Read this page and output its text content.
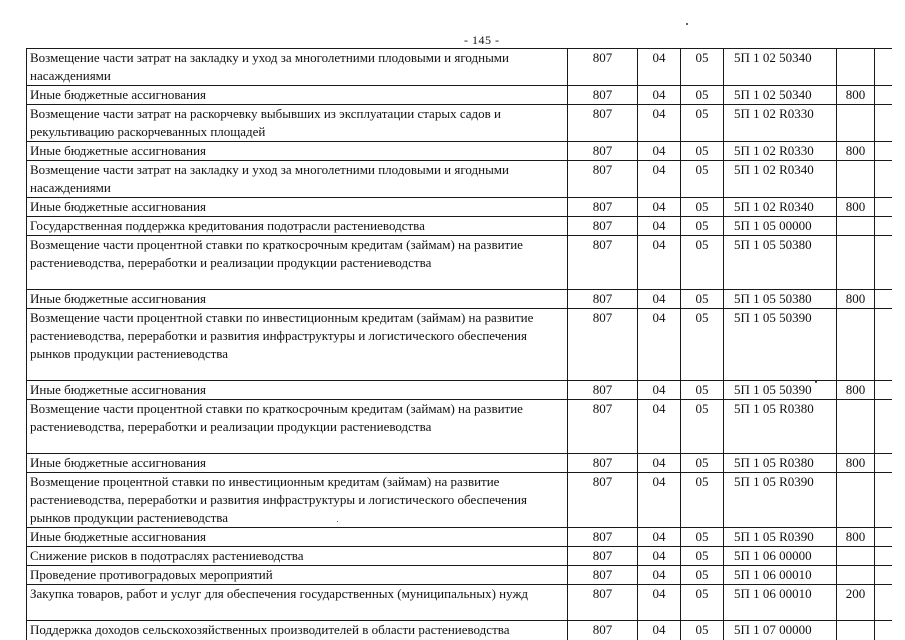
- 145 -
Возмещение части затрат на закладку и уход за многолетними плодовыми и ягодными насаждениями	807	04	05	5П 1 02 50340		
Иные бюджетные ассигнования	807	04	05	5П 1 02 50340	800	
Возмещение части затрат на раскорчевку выбывших из эксплуатации старых садов и рекультивацию раскорчеванных площадей	807	04	05	5П 1 02 R0330		
Иные бюджетные ассигнования	807	04	05	5П 1 02 R0330	800	
Возмещение части затрат на закладку и уход за многолетними плодовыми и ягодными насаждениями	807	04	05	5П 1 02 R0340		
Иные бюджетные ассигнования	807	04	05	5П 1 02 R0340	800	
Государственная поддержка кредитования подотрасли растениеводства	807	04	05	5П 1 05 00000		
Возмещение части процентной ставки по краткосрочным кредитам (займам) на развитие растениеводства, переработки и реализации продукции растениеводства	807	04	05	5П 1 05 50380		
Иные бюджетные ассигнования	807	04	05	5П 1 05 50380	800	
Возмещение части процентной ставки по инвестиционным кредитам (займам) на развитие растениеводства, переработки и развития инфраструктуры и логистического обеспечения рынков продукции растениеводства	807	04	05	5П 1 05 50390		
Иные бюджетные ассигнования	807	04	05	5П 1 05 50390	800	
Возмещение части процентной ставки по краткосрочным кредитам (займам) на развитие растениеводства, переработки и реализации продукции растениеводства	807	04	05	5П 1 05 R0380		
Иные бюджетные ассигнования	807	04	05	5П 1 05 R0380	800	
Возмещение процентной ставки по инвестиционным кредитам (займам) на развитие растениеводства, переработки и развития инфраструктуры и логистического обеспечения рынков продукции растениеводства	807	04	05	5П 1 05 R0390		
Иные бюджетные ассигнования	807	04	05	5П 1 05 R0390	800	
Снижение рисков в подотраслях растениеводства	807	04	05	5П 1 06 00000		
Проведение противоградовых мероприятий	807	04	05	5П 1 06 00010		
Закупка товаров, работ и услуг для обеспечения государственных (муниципальных) нужд	807	04	05	5П 1 06 00010	200	
Поддержка доходов сельскохозяйственных производителей в области растениеводства	807	04	05	5П 1 07 00000		
